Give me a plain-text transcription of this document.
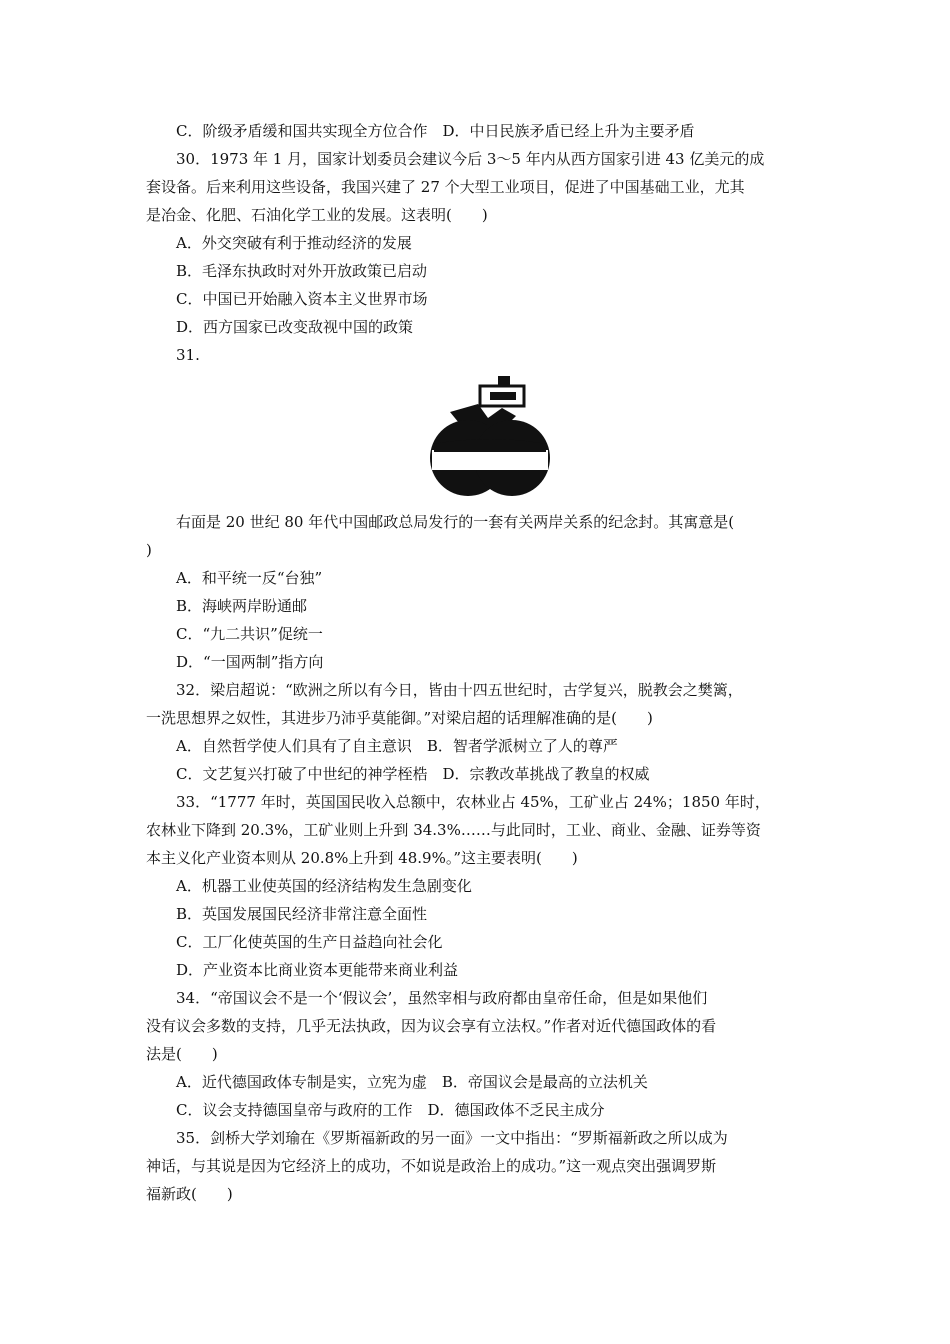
C．阶级矛盾缓和国共实现全方位合作　D．中日民族矛盾已经上升为主要矛盾
30．1973 年 1 月，国家计划委员会建议今后 3～5 年内从西方国家引进 43 亿美元的成
套设备。后来利用这些设备，我国兴建了 27 个大型工业项目，促进了中国基础工业，尤其
是冶金、化肥、石油化学工业的发展。这表明(　　)
A．外交突破有利于推动经济的发展
B．毛泽东执政时对外开放政策已启动
C．中国已开始融入资本主义世界市场
D．西方国家已改变敌视中国的政策
31.
右面是 20 世纪 80 年代中国邮政总局发行的一套有关两岸关系的纪念封。其寓意是(
)
A．和平统一反“台独”
B．海峡两岸盼通邮
C．“九二共识”促统一
D．“一国两制”指方向
32．梁启超说：“欧洲之所以有今日，皆由十四五世纪时，古学复兴，脱教会之樊篱，
一洗思想界之奴性，其进步乃沛乎莫能御。”对梁启超的话理解准确的是(　　)
A．自然哲学使人们具有了自主意识　B．智者学派树立了人的尊严
C．文艺复兴打破了中世纪的神学桎梏　D．宗教改革挑战了教皇的权威
33．“1777 年时，英国国民收入总额中，农林业占 45%，工矿业占 24%；1850 年时，
农林业下降到 20.3%，工矿业则上升到 34.3%……与此同时，工业、商业、金融、证券等资
本主义化产业资本则从 20.8%上升到 48.9%。”这主要表明(　　)
A．机器工业使英国的经济结构发生急剧变化
B．英国发展国民经济非常注意全面性
C．工厂化使英国的生产日益趋向社会化
D．产业资本比商业资本更能带来商业利益
34．“帝国议会不是一个‘假议会’，虽然宰相与政府都由皇帝任命，但是如果他们
没有议会多数的支持，几乎无法执政，因为议会享有立法权。”作者对近代德国政体的看
法是(　　)
A．近代德国政体专制是实，立宪为虚　B．帝国议会是最高的立法机关
C．议会支持德国皇帝与政府的工作　D．德国政体不乏民主成分
35．剑桥大学刘瑜在《罗斯福新政的另一面》一文中指出：“罗斯福新政之所以成为
神话，与其说是因为它经济上的成功，不如说是政治上的成功。”这一观点突出强调罗斯
福新政(　　)
